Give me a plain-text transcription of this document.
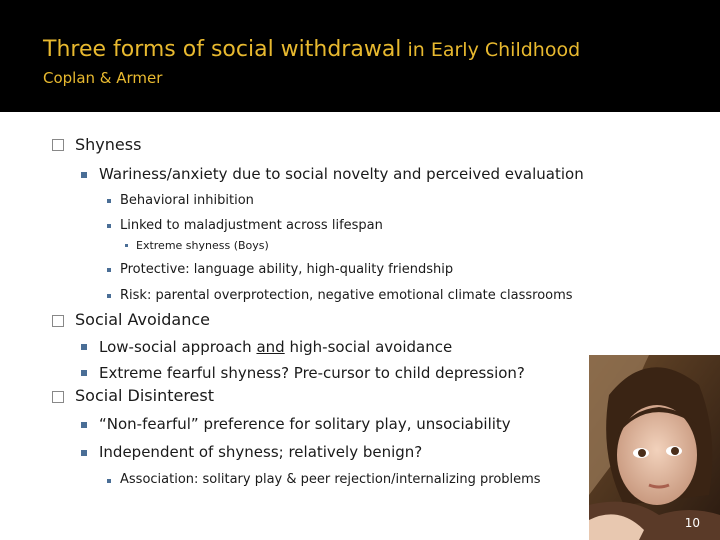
Three forms of social withdrawal in Early Childhood
Coplan & Armer
Shyness
Wariness/anxiety due to social novelty and perceived evaluation
Behavioral inhibition
Linked to maladjustment across lifespan
Extreme shyness (Boys)
Protective: language ability, high-quality friendship
Risk: parental overprotection, negative emotional climate classrooms
Social Avoidance
Low-social approach and high-social avoidance
Extreme fearful shyness? Pre-cursor to child depression?
Social Disinterest
“Non-fearful” preference for solitary play, unsociability
Independent of shyness; relatively benign?
Association: solitary play & peer rejection/internalizing problems
10
